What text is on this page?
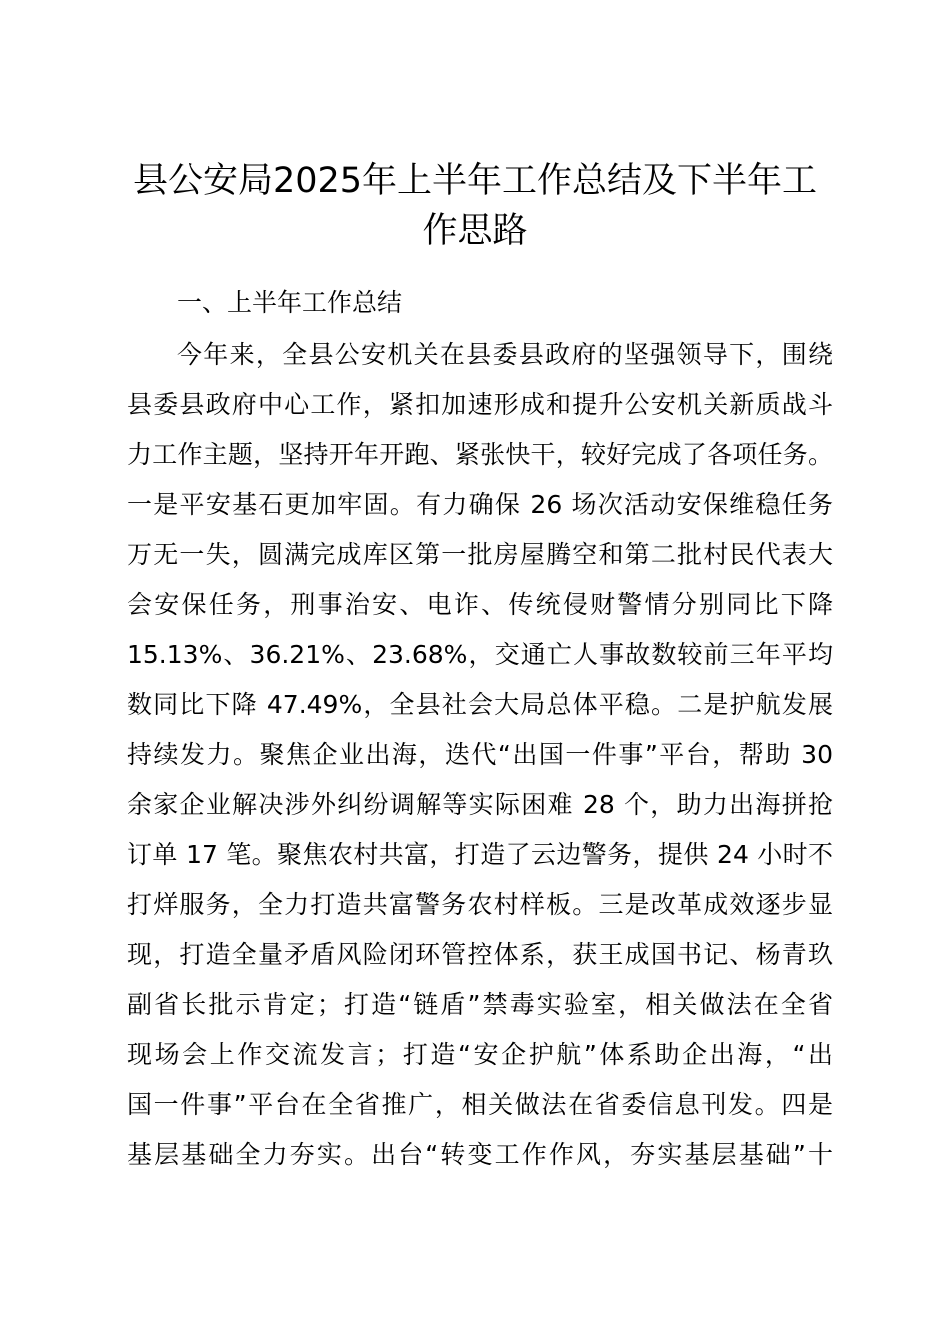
县公安局2025年上半年工作总结及下半年工
作思路

一、上半年工作总结

今年来，全县公安机关在县委县政府的坚强领导下，围绕

县委县政府中心工作，紧扣加速形成和提升公安机关新质战斗

力工作主题，坚持开年开跑、紧张快干，较好完成了各项任务。

一是平安基石更加牢固。有力确保 26 场次活动安保维稳任务

万无一失，圆满完成库区第一批房屋腾空和第二批村民代表大

会安保任务，刑事治安、电诈、传统侵财警情分别同比下降

15.13%、36.21%、23.68%，交通亡人事故数较前三年平均

数同比下降 47.49%，全县社会大局总体平稳。二是护航发展

持续发力。聚焦企业出海，迭代“出国一件事”平台，帮助 30

余家企业解决涉外纠纷调解等实际困难 28 个，助力出海拼抢

订单 17 笔。聚焦农村共富，打造了云边警务，提供 24 小时不

打烊服务，全力打造共富警务农村样板。三是改革成效逐步显

现，打造全量矛盾风险闭环管控体系，获王成国书记、杨青玖

副省长批示肯定；打造“链盾”禁毒实验室，相关做法在全省

现场会上作交流发言；打造“安企护航”体系助企出海，“出

国一件事”平台在全省推广，相关做法在省委信息刊发。四是

基层基础全力夯实。出台“转变工作作风，夯实基层基础”十
